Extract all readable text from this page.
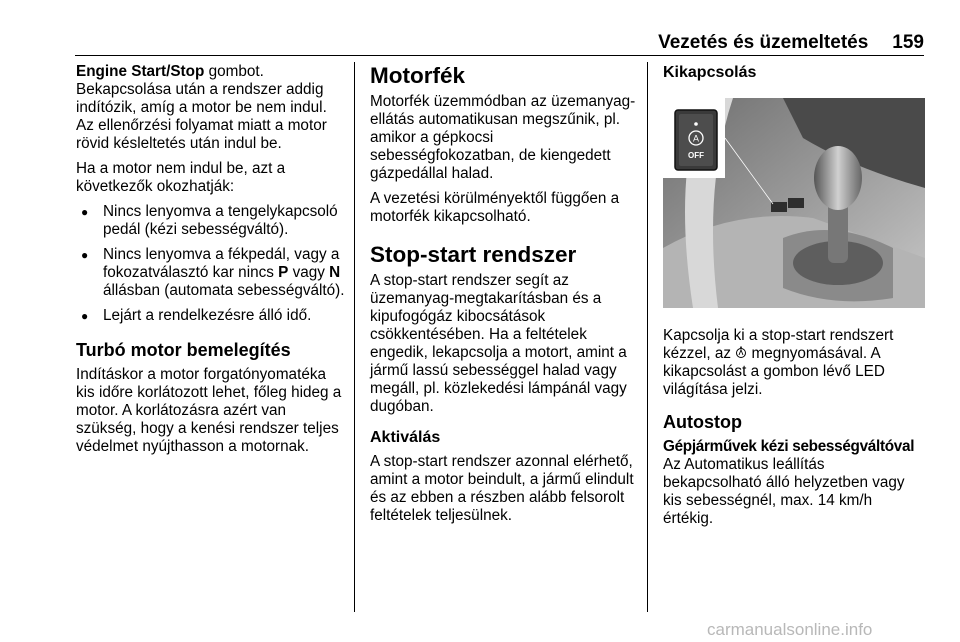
Vezetés és üzemeltetés 159

Engine Start/Stop gombot. Bekapcsolása után a rendszer addig indítózik, amíg a motor be nem indul. Az ellenőrzési folyamat miatt a motor rövid késleltetés után indul be.

Ha a motor nem indul be, azt a következők okozhatják:

● Nincs lenyomva a tengelykapcsoló pedál (kézi sebességváltó).
● Nincs lenyomva a fékpedál, vagy a fokozatválasztó kar nincs P vagy N állásban (automata sebességváltó).
● Lejárt a rendelkezésre álló idő.
Turbó motor bemelegítés

Indításkor a motor forgatónyomatéka kis időre korlátozott lehet, főleg hideg a motor. A korlátozásra azért van szükség, hogy a kenési rendszer teljes védelmet nyújthasson a motornak.

Motorfék

Motorfék üzemmódban az üzemanyag-ellátás automatikusan megszűnik, pl. amikor a gépkocsi sebességfokozatban, de kiengedett gázpedállal halad.

A vezetési körülményektől függően a motorfék kikapcsolható.

Stop-start rendszer

A stop-start rendszer segít az üzemanyag-megtakarításban és a kipufogógáz kibocsátások csökkentésében. Ha a feltételek engedik, lekapcsolja a motort, amint a jármű lassú sebességgel halad vagy megáll, pl. közlekedési lámpánál vagy dugóban.

Aktiválás

A stop-start rendszer azonnal elérhető, amint a motor beindult, a jármű elindult és az ebben a részben alább felsorolt feltételek teljesülnek.

Kikapcsolás
A
OFF

Kapcsolja ki a stop-start rendszert kézzel, az  megnyomásával. A kikapcsolást a gombon lévő LED világítása jelzi.

Autostop
Gépjárművek kézi sebességváltóval

Az Automatikus leállítás bekapcsolható álló helyzetben vagy kis sebességnél, max. 14 km/h értékig.

carmanualsonline.info
